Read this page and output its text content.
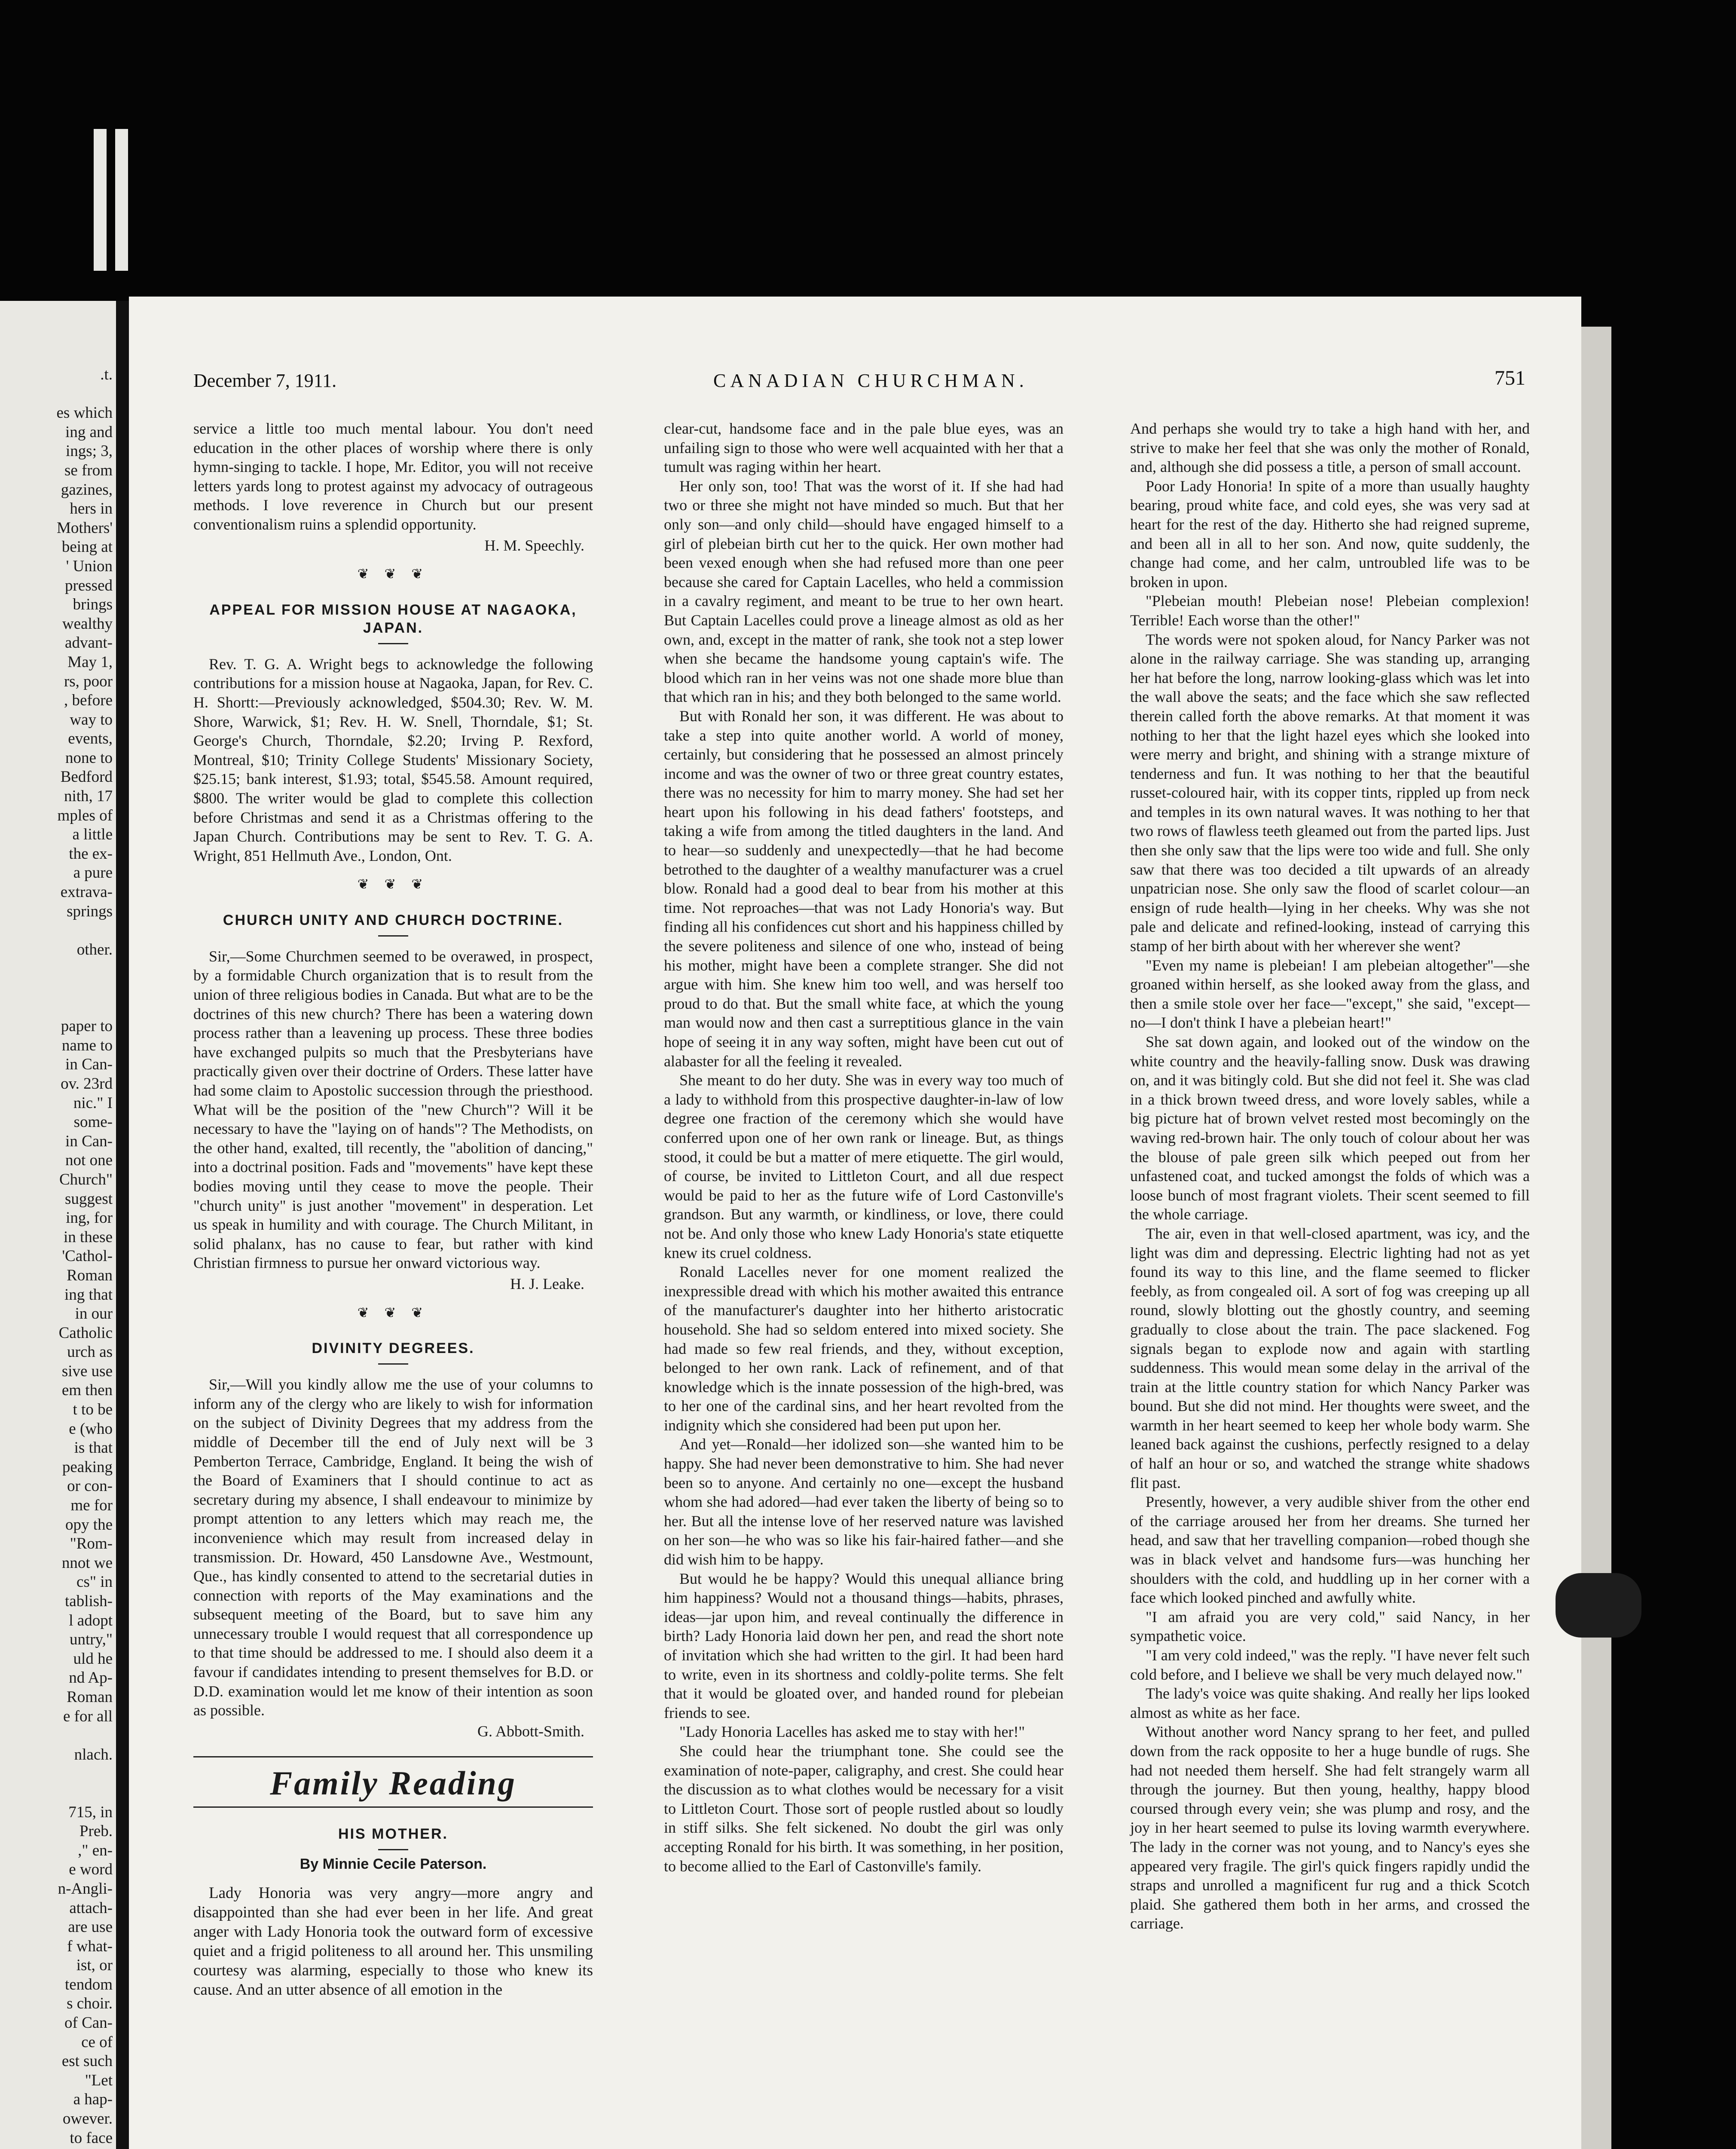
.t.

es which
ing and
ings; 3,
se from
gazines,
hers in
Mothers'
being at
' Union
pressed
brings
wealthy
advant-
May 1,
rs, poor
, before
way to
events,
none to
Bedford
nith, 17
mples of
a little
the ex-
a pure
extrava-
springs

other.

paper to
name to
in Can-
ov. 23rd
nic." I
some-
in Can-
not one
Church"
suggest
ing, for
in these
'Cathol-
Roman
ing that
in our
Catholic
urch as
sive use
em then
t to be
e (who
is that
peaking
or con-
me for
opy the
"Rom-
nnot we
cs" in
tablish-
l adopt
untry,"
uld he
nd Ap-
Roman
e for all

nlach.

715, in
Preb.
," en-
e word
n-Angli-
attach-
are use
f what-
ist, or
tendom
s choir.
of Can-
ce of
est such
"Let
a hap-
owever.
to face

December 7, 1911.	CANADIAN CHURCHMAN.	751

service a little too much mental labour. You don't need education in the other places of worship where there is only hymn-singing to tackle. I hope, Mr. Editor, you will not receive letters yards long to protest against my advocacy of outrageous methods. I love reverence in Church but our present conventionalism ruins a splendid opportunity.

H. M. Speechly.

❦ ❦ ❦
APPEAL FOR MISSION HOUSE AT NAGAOKA, JAPAN.

Rev. T. G. A. Wright begs to acknowledge the following contributions for a mission house at Nagaoka, Japan, for Rev. C. H. Shortt:—Previously acknowledged, $504.30; Rev. W. M. Shore, Warwick, $1; Rev. H. W. Snell, Thorndale, $1; St. George's Church, Thorndale, $2.20; Irving P. Rexford, Montreal, $10; Trinity College Students' Missionary Society, $25.15; bank interest, $1.93; total, $545.58. Amount required, $800. The writer would be glad to complete this collection before Christmas and send it as a Christmas offering to the Japan Church. Contributions may be sent to Rev. T. G. A. Wright, 851 Hellmuth Ave., London, Ont.

❦ ❦ ❦
CHURCH UNITY AND CHURCH DOCTRINE.

Sir,—Some Churchmen seemed to be overawed, in prospect, by a formidable Church organization that is to result from the union of three religious bodies in Canada. But what are to be the doctrines of this new church? There has been a watering down process rather than a leavening up process. These three bodies have exchanged pulpits so much that the Presbyterians have practically given over their doctrine of Orders. These latter have had some claim to Apostolic succession through the priesthood. What will be the position of the "new Church"? Will it be necessary to have the "laying on of hands"? The Methodists, on the other hand, exalted, till recently, the "abolition of dancing," into a doctrinal position. Fads and "movements" have kept these bodies moving until they cease to move the people. Their "church unity" is just another "movement" in desperation. Let us speak in humility and with courage. The Church Militant, in solid phalanx, has no cause to fear, but rather with kind Christian firmness to pursue her onward victorious way.

H. J. Leake.

❦ ❦ ❦
DIVINITY DEGREES.

Sir,—Will you kindly allow me the use of your columns to inform any of the clergy who are likely to wish for information on the subject of Divinity Degrees that my address from the middle of December till the end of July next will be 3 Pemberton Terrace, Cambridge, England. It being the wish of the Board of Examiners that I should continue to act as secretary during my absence, I shall endeavour to minimize by prompt attention to any letters which may reach me, the inconvenience which may result from increased delay in transmission. Dr. Howard, 450 Lansdowne Ave., Westmount, Que., has kindly consented to attend to the secretarial duties in connection with reports of the May examinations and the subsequent meeting of the Board, but to save him any unnecessary trouble I would request that all correspondence up to that time should be addressed to me. I should also deem it a favour if candidates intending to present themselves for B.D. or D.D. examination would let me know of their intention as soon as possible.

G. Abbott-Smith.

Family Reading
HIS MOTHER.
By Minnie Cecile Paterson.

Lady Honoria was very angry—more angry and disappointed than she had ever been in her life. And great anger with Lady Honoria took the outward form of excessive quiet and a frigid politeness to all around her. This unsmiling courtesy was alarming, especially to those who knew its cause. And an utter absence of all emotion in the

clear-cut, handsome face and in the pale blue eyes, was an unfailing sign to those who were well acquainted with her that a tumult was raging within her heart.

Her only son, too! That was the worst of it. If she had had two or three she might not have minded so much. But that her only son—and only child—should have engaged himself to a girl of plebeian birth cut her to the quick. Her own mother had been vexed enough when she had refused more than one peer because she cared for Captain Lacelles, who held a commission in a cavalry regiment, and meant to be true to her own heart. But Captain Lacelles could prove a lineage almost as old as her own, and, except in the matter of rank, she took not a step lower when she became the handsome young captain's wife. The blood which ran in her veins was not one shade more blue than that which ran in his; and they both belonged to the same world.

But with Ronald her son, it was different. He was about to take a step into quite another world. A world of money, certainly, but considering that he possessed an almost princely income and was the owner of two or three great country estates, there was no necessity for him to marry money. She had set her heart upon his following in his dead fathers' footsteps, and taking a wife from among the titled daughters in the land. And to hear—so suddenly and unexpectedly—that he had become betrothed to the daughter of a wealthy manufacturer was a cruel blow. Ronald had a good deal to bear from his mother at this time. Not reproaches—that was not Lady Honoria's way. But finding all his confidences cut short and his happiness chilled by the severe politeness and silence of one who, instead of being his mother, might have been a complete stranger. She did not argue with him. She knew him too well, and was herself too proud to do that. But the small white face, at which the young man would now and then cast a surreptitious glance in the vain hope of seeing it in any way soften, might have been cut out of alabaster for all the feeling it revealed.

She meant to do her duty. She was in every way too much of a lady to withhold from this prospective daughter-in-law of low degree one fraction of the ceremony which she would have conferred upon one of her own rank or lineage. But, as things stood, it could be but a matter of mere etiquette. The girl would, of course, be invited to Littleton Court, and all due respect would be paid to her as the future wife of Lord Castonville's grandson. But any warmth, or kindliness, or love, there could not be. And only those who knew Lady Honoria's state etiquette knew its cruel coldness.

Ronald Lacelles never for one moment realized the inexpressible dread with which his mother awaited this entrance of the manufacturer's daughter into her hitherto aristocratic household. She had so seldom entered into mixed society. She had made so few real friends, and they, without exception, belonged to her own rank. Lack of refinement, and of that knowledge which is the innate possession of the high-bred, was to her one of the cardinal sins, and her heart revolted from the indignity which she considered had been put upon her.

And yet—Ronald—her idolized son—she wanted him to be happy. She had never been demonstrative to him. She had never been so to anyone. And certainly no one—except the husband whom she had adored—had ever taken the liberty of being so to her. But all the intense love of her reserved nature was lavished on her son—he who was so like his fair-haired father—and she did wish him to be happy.

But would he be happy? Would this unequal alliance bring him happiness? Would not a thousand things—habits, phrases, ideas—jar upon him, and reveal continually the difference in birth? Lady Honoria laid down her pen, and read the short note of invitation which she had written to the girl. It had been hard to write, even in its shortness and coldly-polite terms. She felt that it would be gloated over, and handed round for plebeian friends to see.

"Lady Honoria Lacelles has asked me to stay with her!"

She could hear the triumphant tone. She could see the examination of note-paper, caligraphy, and crest. She could hear the discussion as to what clothes would be necessary for a visit to Littleton Court. Those sort of people rustled about so loudly in stiff silks. She felt sickened. No doubt the girl was only accepting Ronald for his birth. It was something, in her position, to become allied to the Earl of Castonville's family.

And perhaps she would try to take a high hand with her, and strive to make her feel that she was only the mother of Ronald, and, although she did possess a title, a person of small account.

Poor Lady Honoria! In spite of a more than usually haughty bearing, proud white face, and cold eyes, she was very sad at heart for the rest of the day. Hitherto she had reigned supreme, and been all in all to her son. And now, quite suddenly, the change had come, and her calm, untroubled life was to be broken in upon.

"Plebeian mouth! Plebeian nose! Plebeian complexion! Terrible! Each worse than the other!"

The words were not spoken aloud, for Nancy Parker was not alone in the railway carriage. She was standing up, arranging her hat before the long, narrow looking-glass which was let into the wall above the seats; and the face which she saw reflected therein called forth the above remarks. At that moment it was nothing to her that the light hazel eyes which she looked into were merry and bright, and shining with a strange mixture of tenderness and fun. It was nothing to her that the beautiful russet-coloured hair, with its copper tints, rippled up from neck and temples in its own natural waves. It was nothing to her that two rows of flawless teeth gleamed out from the parted lips. Just then she only saw that the lips were too wide and full. She only saw that there was too decided a tilt upwards of an already unpatrician nose. She only saw the flood of scarlet colour—an ensign of rude health—lying in her cheeks. Why was she not pale and delicate and refined-looking, instead of carrying this stamp of her birth about with her wherever she went?

"Even my name is plebeian! I am plebeian altogether"—she groaned within herself, as she looked away from the glass, and then a smile stole over her face—"except," she said, "except—no—I don't think I have a plebeian heart!"

She sat down again, and looked out of the window on the white country and the heavily-falling snow. Dusk was drawing on, and it was bitingly cold. But she did not feel it. She was clad in a thick brown tweed dress, and wore lovely sables, while a big picture hat of brown velvet rested most becomingly on the waving red-brown hair. The only touch of colour about her was the blouse of pale green silk which peeped out from her unfastened coat, and tucked amongst the folds of which was a loose bunch of most fragrant violets. Their scent seemed to fill the whole carriage.

The air, even in that well-closed apartment, was icy, and the light was dim and depressing. Electric lighting had not as yet found its way to this line, and the flame seemed to flicker feebly, as from congealed oil. A sort of fog was creeping up all round, slowly blotting out the ghostly country, and seeming gradually to close about the train. The pace slackened. Fog signals began to explode now and again with startling suddenness. This would mean some delay in the arrival of the train at the little country station for which Nancy Parker was bound. But she did not mind. Her thoughts were sweet, and the warmth in her heart seemed to keep her whole body warm. She leaned back against the cushions, perfectly resigned to a delay of half an hour or so, and watched the strange white shadows flit past.

Presently, however, a very audible shiver from the other end of the carriage aroused her from her dreams. She turned her head, and saw that her travelling companion—robed though she was in black velvet and handsome furs—was hunching her shoulders with the cold, and huddling up in her corner with a face which looked pinched and awfully white.

"I am afraid you are very cold," said Nancy, in her sympathetic voice.

"I am very cold indeed," was the reply. "I have never felt such cold before, and I believe we shall be very much delayed now."

The lady's voice was quite shaking. And really her lips looked almost as white as her face.

Without another word Nancy sprang to her feet, and pulled down from the rack opposite to her a huge bundle of rugs. She had not needed them herself. She had felt strangely warm all through the journey. But then young, healthy, happy blood coursed through every vein; she was plump and rosy, and the joy in her heart seemed to pulse its loving warmth everywhere. The lady in the corner was not young, and to Nancy's eyes she appeared very fragile. The girl's quick fingers rapidly undid the straps and unrolled a magnificent fur rug and a thick Scotch plaid. She gathered them both in her arms, and crossed the carriage.
